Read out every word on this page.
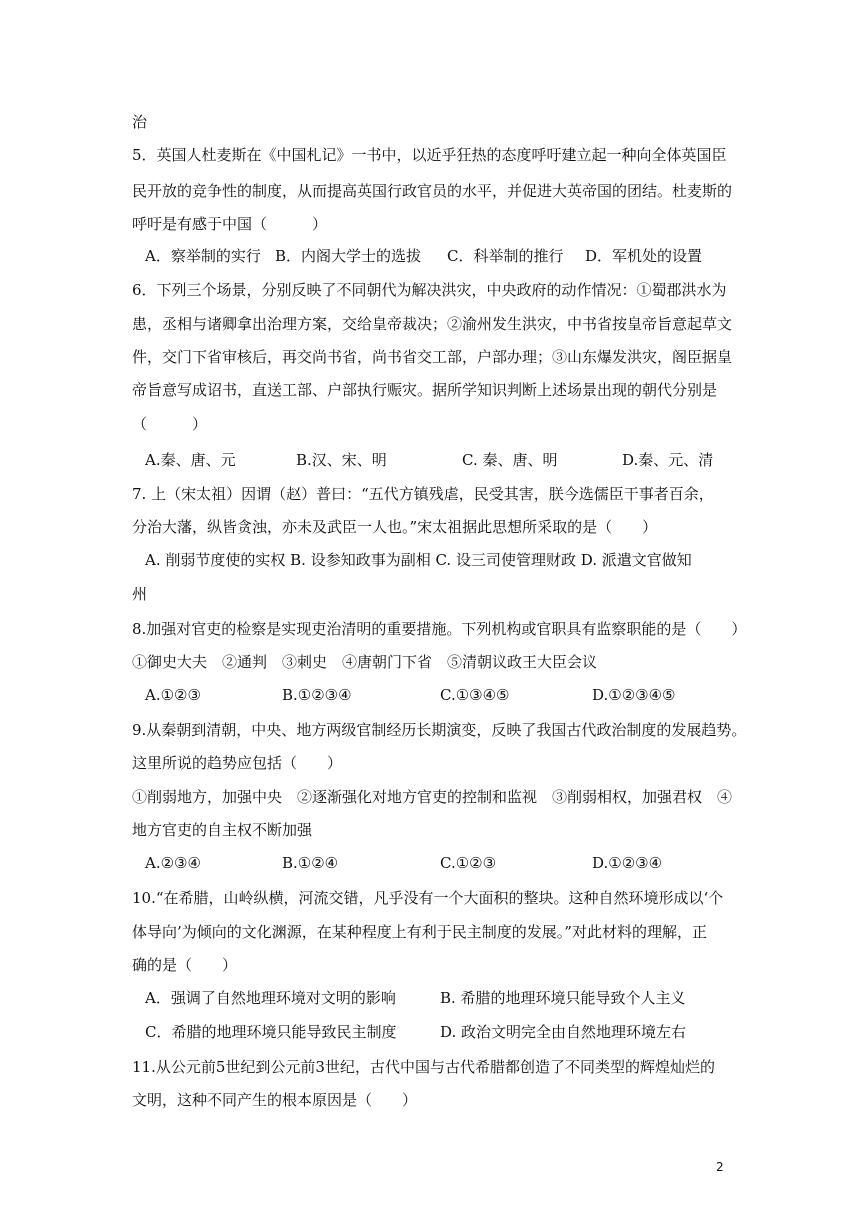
治
5．英国人杜麦斯在《中国札记》一书中，以近乎狂热的态度呼吁建立起一种向全体英国臣
民开放的竞争性的制度，从而提高英国行政官员的水平，并促进大英帝国的团结。杜麦斯的
呼吁是有感于中国（　　　）
A．察举制的实行 B．内阁大学士的选拔 C．科举制的推行 D．军机处的设置
6．下列三个场景，分别反映了不同朝代为解决洪灾，中央政府的动作情况：①蜀郡洪水为
患，丞相与诸卿拿出治理方案，交给皇帝裁决；②渝州发生洪灾，中书省按皇帝旨意起草文
件，交门下省审核后，再交尚书省，尚书省交工部，户部办理；③山东爆发洪灾，阁臣据皇
帝旨意写成诏书，直送工部、户部执行赈灾。据所学知识判断上述场景出现的朝代分别是
（　　　）
A.秦、唐、元	B.汉、宋、明	C. 秦、唐、明	D.秦、元、清
7. 上（宋太祖）因谓（赵）普曰：“五代方镇残虐，民受其害，朕今选儒臣干事者百余，
分治大藩，纵皆贪浊，亦未及武臣一人也。”宋太祖据此思想所采取的是（　　）
A. 削弱节度使的实权 B. 设参知政事为副相 C. 设三司使管理财政 D. 派遣文官做知
州
8.加强对官吏的检察是实现吏治清明的重要措施。下列机构或官职具有监察职能的是（　　）
①御史大夫　②通判　③刺史　④唐朝门下省　⑤清朝议政王大臣会议
A.①②③	B.①②③④	C.①③④⑤	D.①②③④⑤
9.从秦朝到清朝，中央、地方两级官制经历长期演变，反映了我国古代政治制度的发展趋势。
这里所说的趋势应包括（　　）
①削弱地方，加强中央　②逐渐强化对地方官吏的控制和监视　③削弱相权，加强君权　④
地方官吏的自主权不断加强
A.②③④	B.①②④	C.①②③	D.①②③④
10.“在希腊，山岭纵横，河流交错，凡乎没有一个大面积的整块。这种自然环境形成以‘个
体导向’为倾向的文化渊源，在某种程度上有利于民主制度的发展。”对此材料的理解，正
确的是（　　）
A．强调了自然地理环境对文明的影响	B. 希腊的地理环境只能导致个人主义
C．希腊的地理环境只能导致民主制度	D. 政治文明完全由自然地理环境左右
11.从公元前5世纪到公元前3世纪，古代中国与古代希腊都创造了不同类型的辉煌灿烂的
文明，这种不同产生的根本原因是（　　）
2
